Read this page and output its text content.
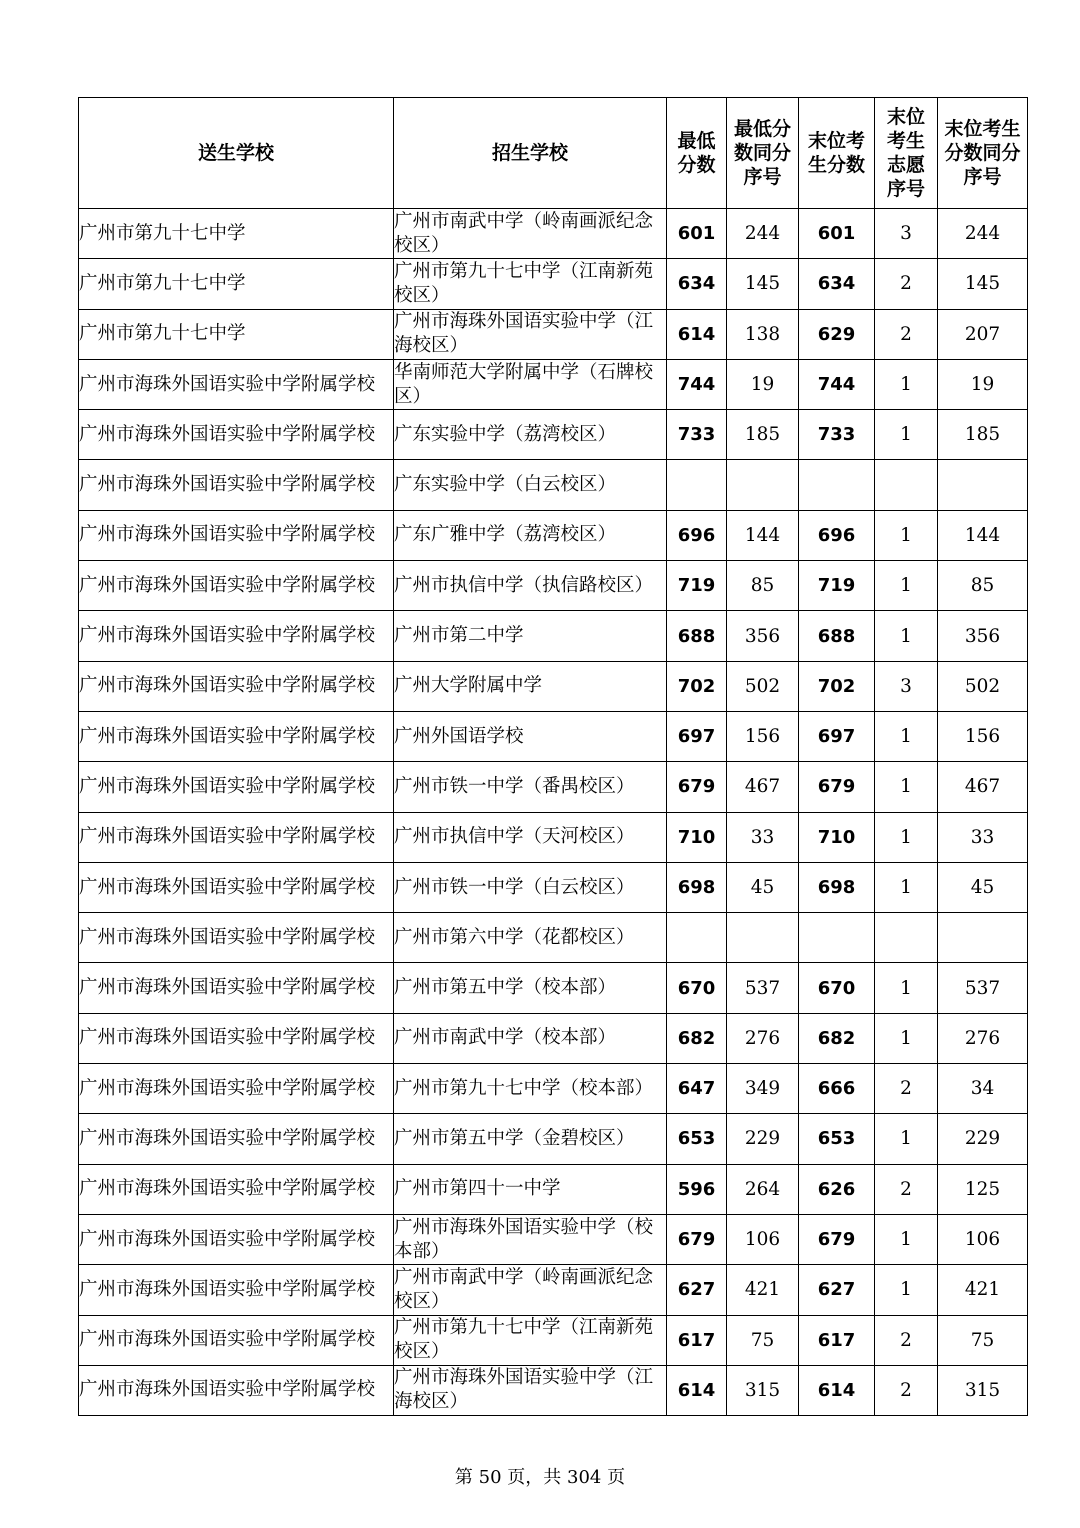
送生学校	招生学校	最低分数	最低分数同分序号	末位考生分数	末位考生志愿序号	末位考生分数同分序号
广州市第九十七中学	广州市南武中学（岭南画派纪念校区）	601	244	601	3	244
广州市第九十七中学	广州市第九十七中学（江南新苑校区）	634	145	634	2	145
广州市第九十七中学	广州市海珠外国语实验中学（江海校区）	614	138	629	2	207
广州市海珠外国语实验中学附属学校	华南师范大学附属中学（石牌校区）	744	19	744	1	19
广州市海珠外国语实验中学附属学校	广东实验中学（荔湾校区）	733	185	733	1	185
广州市海珠外国语实验中学附属学校	广东实验中学（白云校区）					
广州市海珠外国语实验中学附属学校	广东广雅中学（荔湾校区）	696	144	696	1	144
广州市海珠外国语实验中学附属学校	广州市执信中学（执信路校区）	719	85	719	1	85
广州市海珠外国语实验中学附属学校	广州市第二中学	688	356	688	1	356
广州市海珠外国语实验中学附属学校	广州大学附属中学	702	502	702	3	502
广州市海珠外国语实验中学附属学校	广州外国语学校	697	156	697	1	156
广州市海珠外国语实验中学附属学校	广州市铁一中学（番禺校区）	679	467	679	1	467
广州市海珠外国语实验中学附属学校	广州市执信中学（天河校区）	710	33	710	1	33
广州市海珠外国语实验中学附属学校	广州市铁一中学（白云校区）	698	45	698	1	45
广州市海珠外国语实验中学附属学校	广州市第六中学（花都校区）					
广州市海珠外国语实验中学附属学校	广州市第五中学（校本部）	670	537	670	1	537
广州市海珠外国语实验中学附属学校	广州市南武中学（校本部）	682	276	682	1	276
广州市海珠外国语实验中学附属学校	广州市第九十七中学（校本部）	647	349	666	2	34
广州市海珠外国语实验中学附属学校	广州市第五中学（金碧校区）	653	229	653	1	229
广州市海珠外国语实验中学附属学校	广州市第四十一中学	596	264	626	2	125
广州市海珠外国语实验中学附属学校	广州市海珠外国语实验中学（校本部）	679	106	679	1	106
广州市海珠外国语实验中学附属学校	广州市南武中学（岭南画派纪念校区）	627	421	627	1	421
广州市海珠外国语实验中学附属学校	广州市第九十七中学（江南新苑校区）	617	75	617	2	75
广州市海珠外国语实验中学附属学校	广州市海珠外国语实验中学（江海校区）	614	315	614	2	315
第 50 页，共 304 页
